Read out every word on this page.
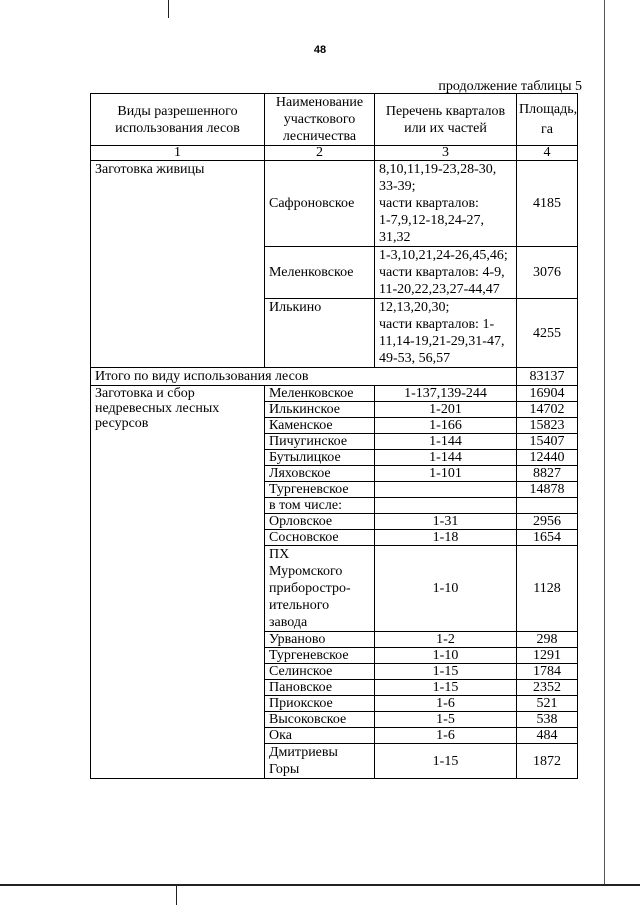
48
продолжение таблицы 5
Виды разрешенного использования лесов	Наименование участкового лесничества	Перечень кварталов или их частей	Площадь, га
1	2	3	4
Заготовка живицы	Сафроновское	8,10,11,19-23,28-30,
33-39;
части кварталов:
1-7,9,12-18,24-27,
31,32	4185
	Меленковское	1-3,10,21,24-26,45,46;
части кварталов: 4-9,
11-20,22,23,27-44,47	3076
	Илькино	12,13,20,30;
части кварталов: 1-
11,14-19,21-29,31-47,
49-53, 56,57	4255
Итого по виду использования лесов			83137

Заготовка и сбор
недревесных лесных
ресурсов	Меленковское	1-137,139-244	16904
	Илькинское	1-201	14702
	Каменское	1-166	15823
	Пичугинское	1-144	15407
	Бутылицкое	1-144	12440
	Ляховское	1-101	8827
	Тургеневское		14878
	в том числе:		
	Орловское	1-31	2956
	Сосновское	1-18	1654

	ПХ
Муромского
приборостро-
ительного
завода	1-10	1128
	Урваново	1-2	298
	Тургеневское	1-10	1291
	Селинское	1-15	1784
	Пановское	1-15	2352
	Приокское	1-6	521
	Высоковское	1-5	538
	Ока	1-6	484

	Дмитриевы
Горы	1-15	1872
